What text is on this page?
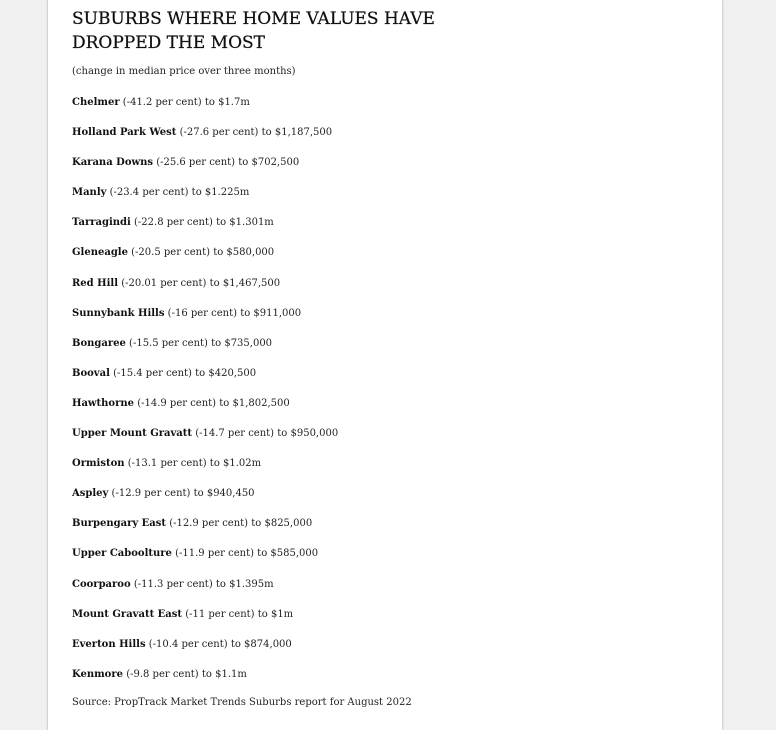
SUBURBS WHERE HOME VALUES HAVE DROPPED THE MOST

(change in median price over three months)

Chelmer (-41.2 per cent) to $1.7m
Holland Park West (-27.6 per cent) to $1,187,500
Karana Downs (-25.6 per cent) to $702,500
Manly (-23.4 per cent) to $1.225m
Tarragindi (-22.8 per cent) to $1.301m
Gleneagle (-20.5 per cent) to $580,000
Red Hill (-20.01 per cent) to $1,467,500
Sunnybank Hills (-16 per cent) to $911,000
Bongaree (-15.5 per cent) to $735,000
Booval (-15.4 per cent) to $420,500
Hawthorne (-14.9 per cent) to $1,802,500
Upper Mount Gravatt (-14.7 per cent) to $950,000
Ormiston (-13.1 per cent) to $1.02m
Aspley (-12.9 per cent) to $940,450
Burpengary East (-12.9 per cent) to $825,000
Upper Caboolture (-11.9 per cent) to $585,000
Coorparoo (-11.3 per cent) to $1.395m
Mount Gravatt East (-11 per cent) to $1m
Everton Hills (-10.4 per cent) to $874,000
Kenmore (-9.8 per cent) to $1.1m

Source: PropTrack Market Trends Suburbs report for August 2022
